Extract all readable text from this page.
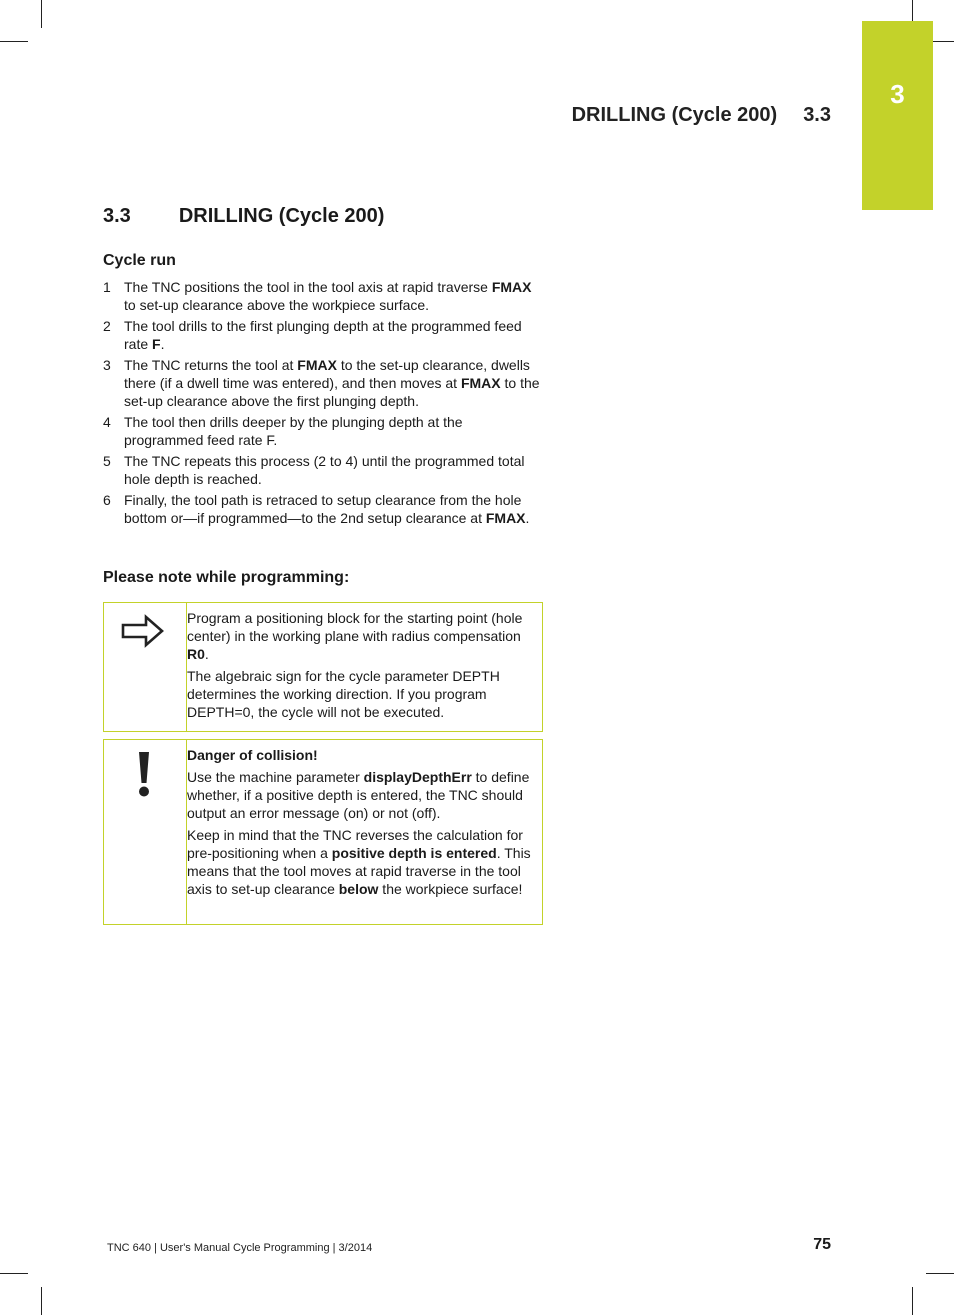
3
DRILLING (Cycle 200) 3.3
3.3 DRILLING (Cycle 200)
Cycle run
1 The TNC positions the tool in the tool axis at rapid traverse FMAX to set-up clearance above the workpiece surface.
2 The tool drills to the first plunging depth at the programmed feed rate F.
3 The TNC returns the tool at FMAX to the set-up clearance, dwells there (if a dwell time was entered), and then moves at FMAX to the set-up clearance above the first plunging depth.
4 The tool then drills deeper by the plunging depth at the programmed feed rate F.
5 The TNC repeats this process (2 to 4) until the programmed total hole depth is reached.
6 Finally, the tool path is retraced to setup clearance from the hole bottom or—if programmed—to the 2nd setup clearance at FMAX.
Please note while programming:

Program a positioning block for the starting point (hole center) in the working plane with radius compensation R0.

The algebraic sign for the cycle parameter DEPTH determines the working direction. If you program DEPTH=0, the cycle will not be executed.

Danger of collision!

Use the machine parameter displayDepthErr to define whether, if a positive depth is entered, the TNC should output an error message (on) or not (off).

Keep in mind that the TNC reverses the calculation for pre-positioning when a positive depth is entered. This means that the tool moves at rapid traverse in the tool axis to set-up clearance below the workpiece surface!

TNC 640 | User's Manual Cycle Programming | 3/2014	75
